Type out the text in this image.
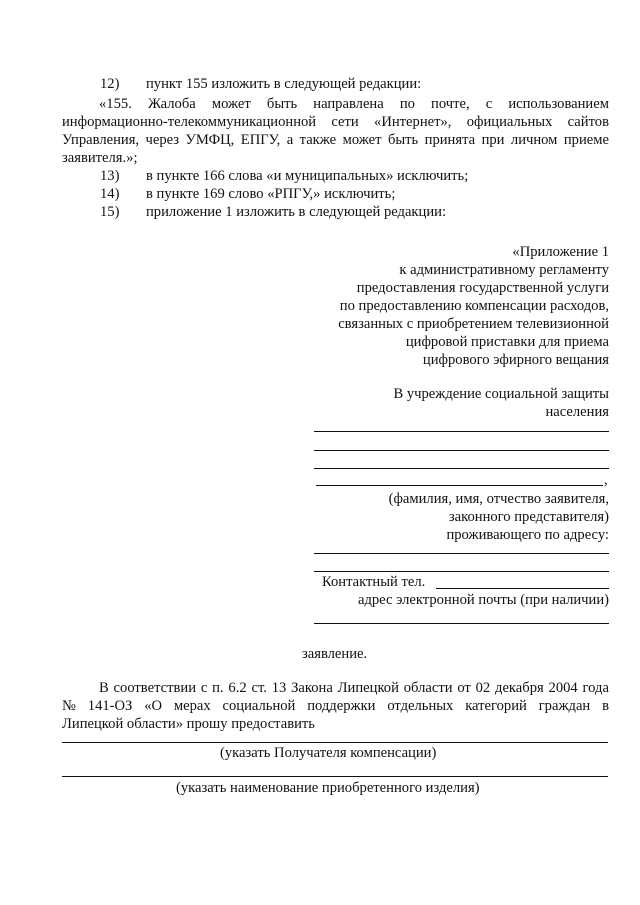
12) пункт 155 изложить в следующей редакции:
«155. Жалоба может быть направлена по почте, с использованием
информационно-телекоммуникационной сети «Интернет», официальных сайтов
Управления, через УМФЦ, ЕПГУ, а также может быть принята при личном приеме
заявителя.»;
13) в пункте 166 слова «и муниципальных» исключить;
14) в пункте 169 слово «РПГУ,» исключить;
15) приложение 1 изложить в следующей редакции:
«Приложение 1
к административному регламенту
предоставления государственной услуги
по предоставлению компенсации расходов,
связанных с приобретением телевизионной
цифровой приставки для приема
цифрового эфирного вещания
В учреждение социальной защиты
населения
,
(фамилия, имя, отчество заявителя,
законного представителя)
проживающего по адресу:
Контактный тел.
адрес электронной почты (при наличии)
заявление.
В соответствии с п. 6.2 ст. 13 Закона Липецкой области от 02 декабря 2004 года
№ 141-ОЗ «О мерах социальной поддержки отдельных категорий граждан в
Липецкой области» прошу предоставить
(указать Получателя компенсации)
(указать наименование приобретенного изделия)
